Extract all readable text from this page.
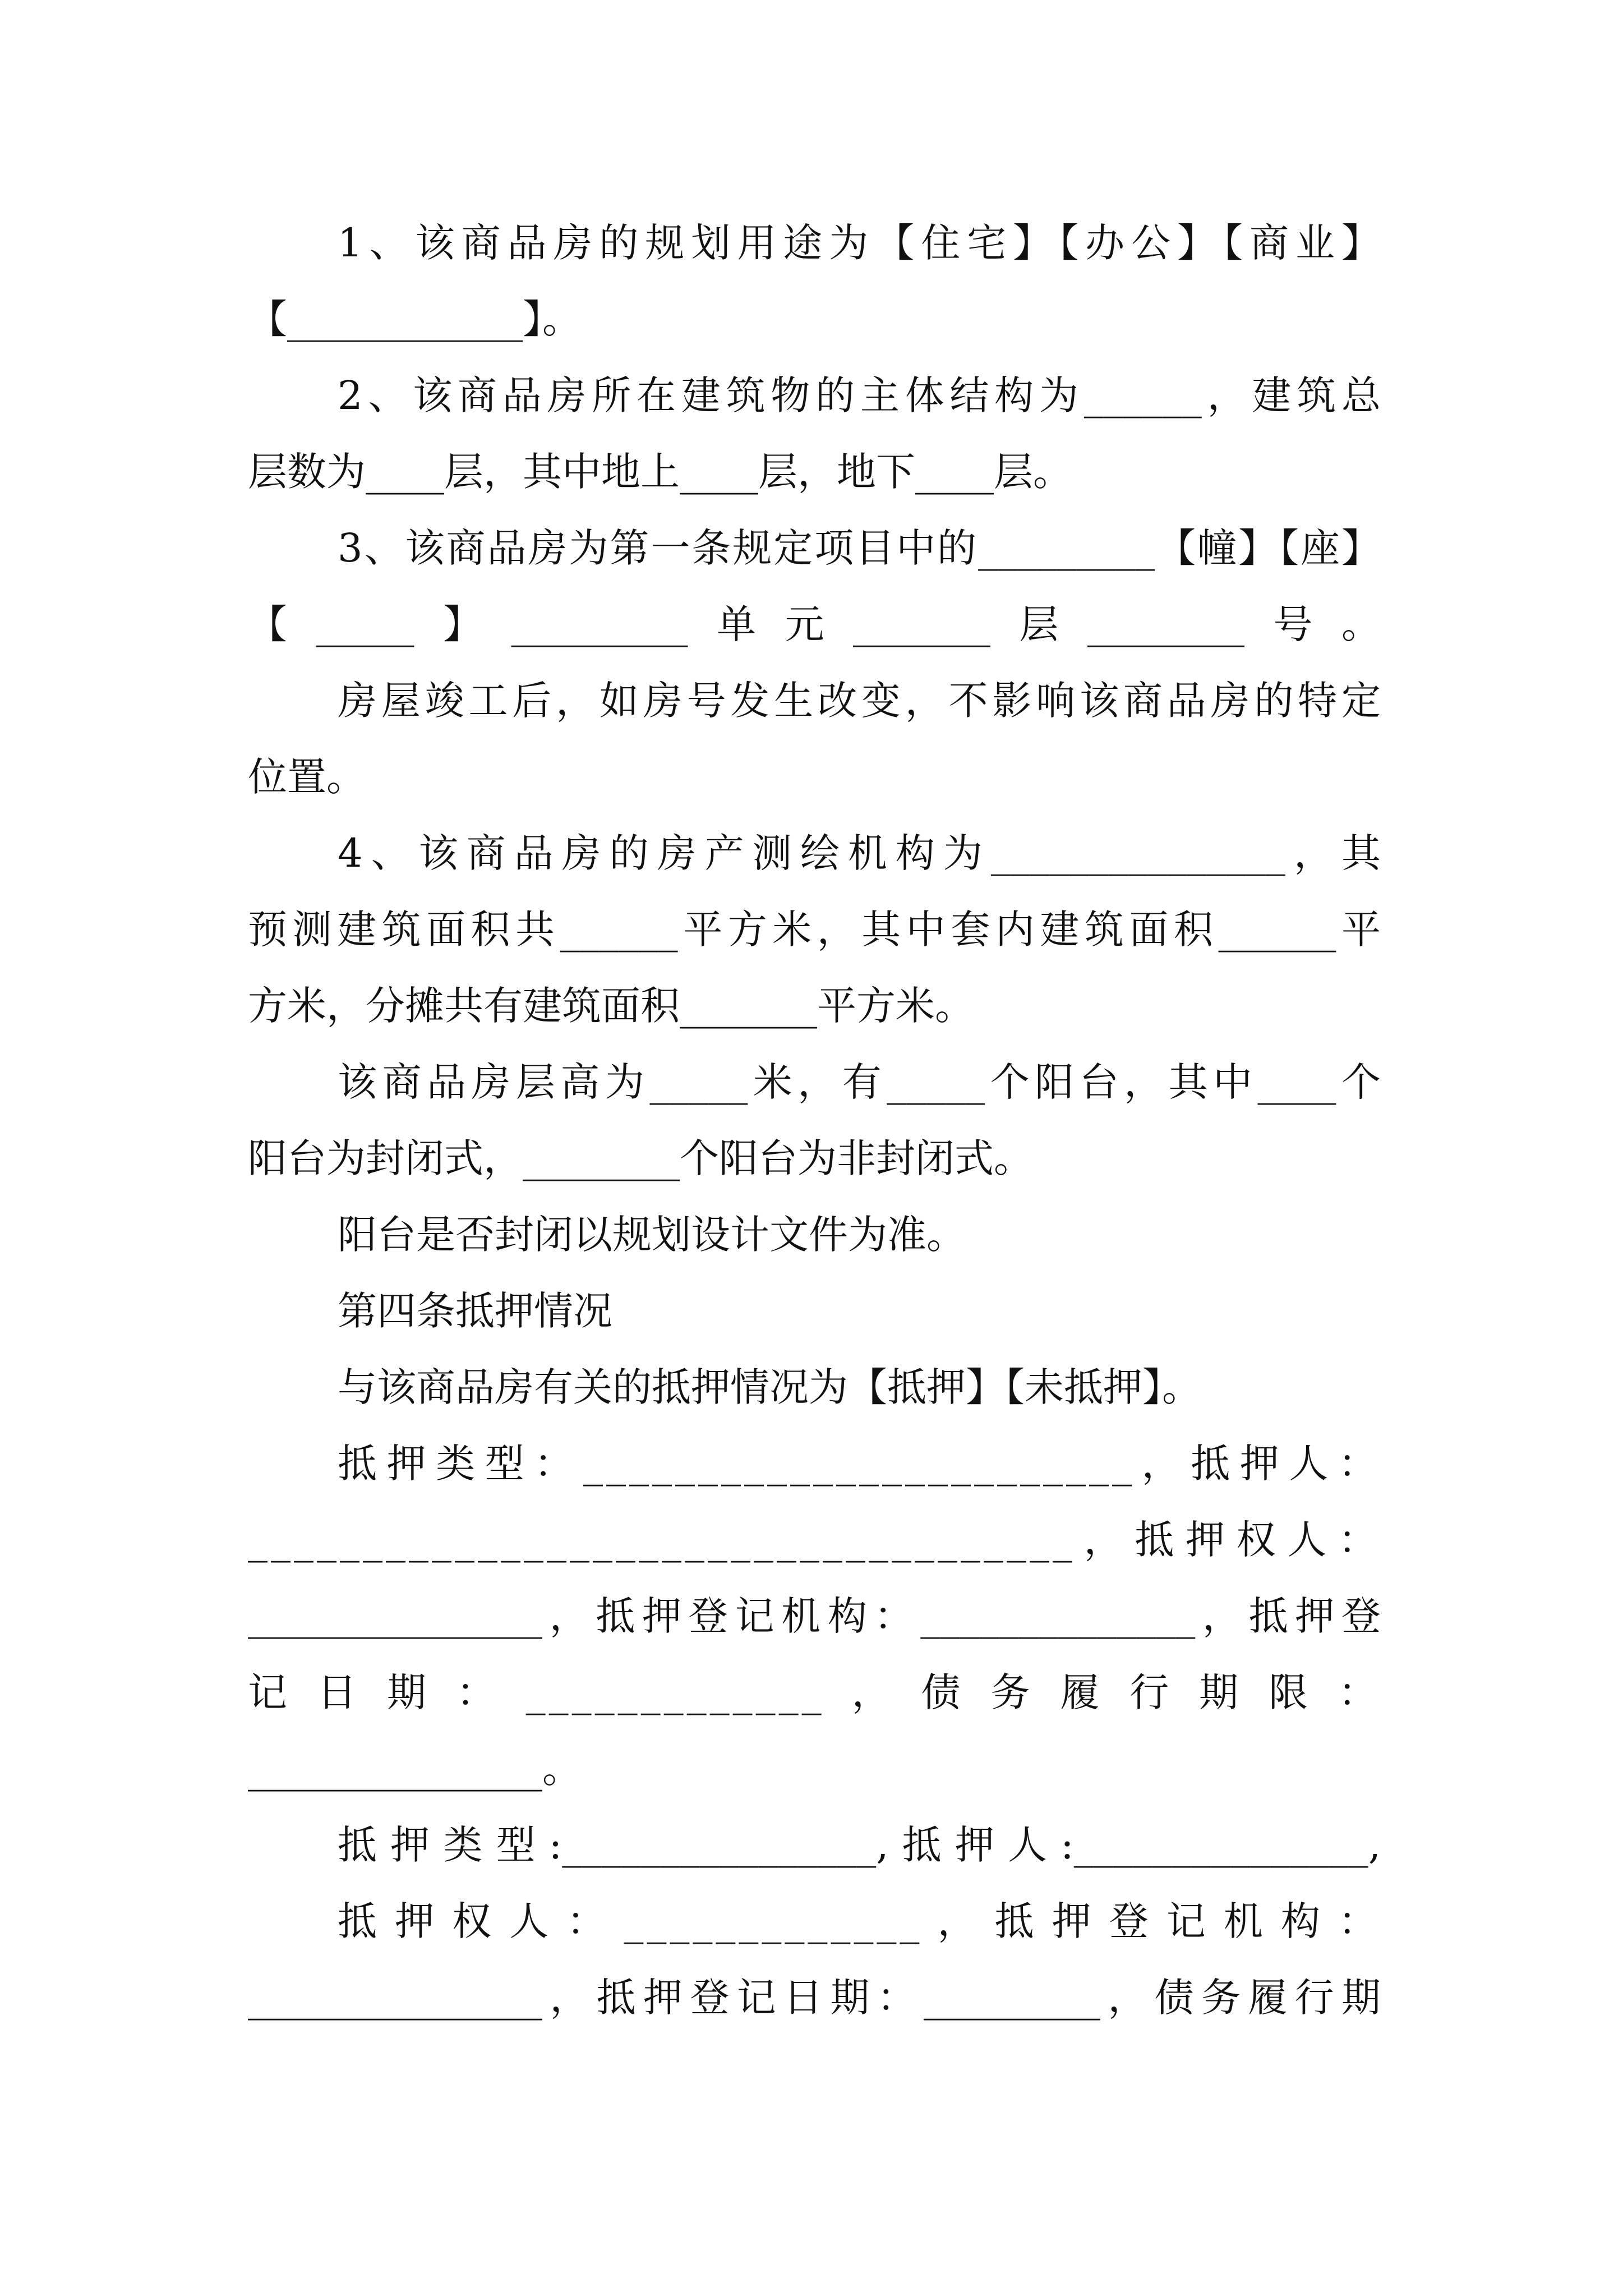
1、该商品房的规划用途为【住宅】【办公】【商业】

【____________】。

2、该商品房所在建筑物的主体结构为______，建筑总

层数为____层，其中地上____层，地下____层。

3、该商品房为第一条规定项目中的_________【幢】【座】

【_____】_________单元_______层________号。

房屋竣工后，如房号发生改变，不影响该商品房的特定

位置。

4、该商品房的房产测绘机构为_______________，其

预测建筑面积共______平方米，其中套内建筑面积______平

方米，分摊共有建筑面积_______平方米。

该商品房层高为_____米，有_____个阳台，其中____个

阳台为封闭式，________个阳台为非封闭式。

阳台是否封闭以规划设计文件为准。

第四条抵押情况

与该商品房有关的抵押情况为【抵押】【未抵押】。

抵押类型：________________________，抵押人：

____________________________________，抵押权人：

_______________，抵押登记机构：______________，抵押登

记日期：_____________，债务履行期限：

_______________。

抵押类型:________________,抵押人:_______________,

抵押权人：_____________，抵押登记机构：

_______________，抵押登记日期：_________，债务履行期
